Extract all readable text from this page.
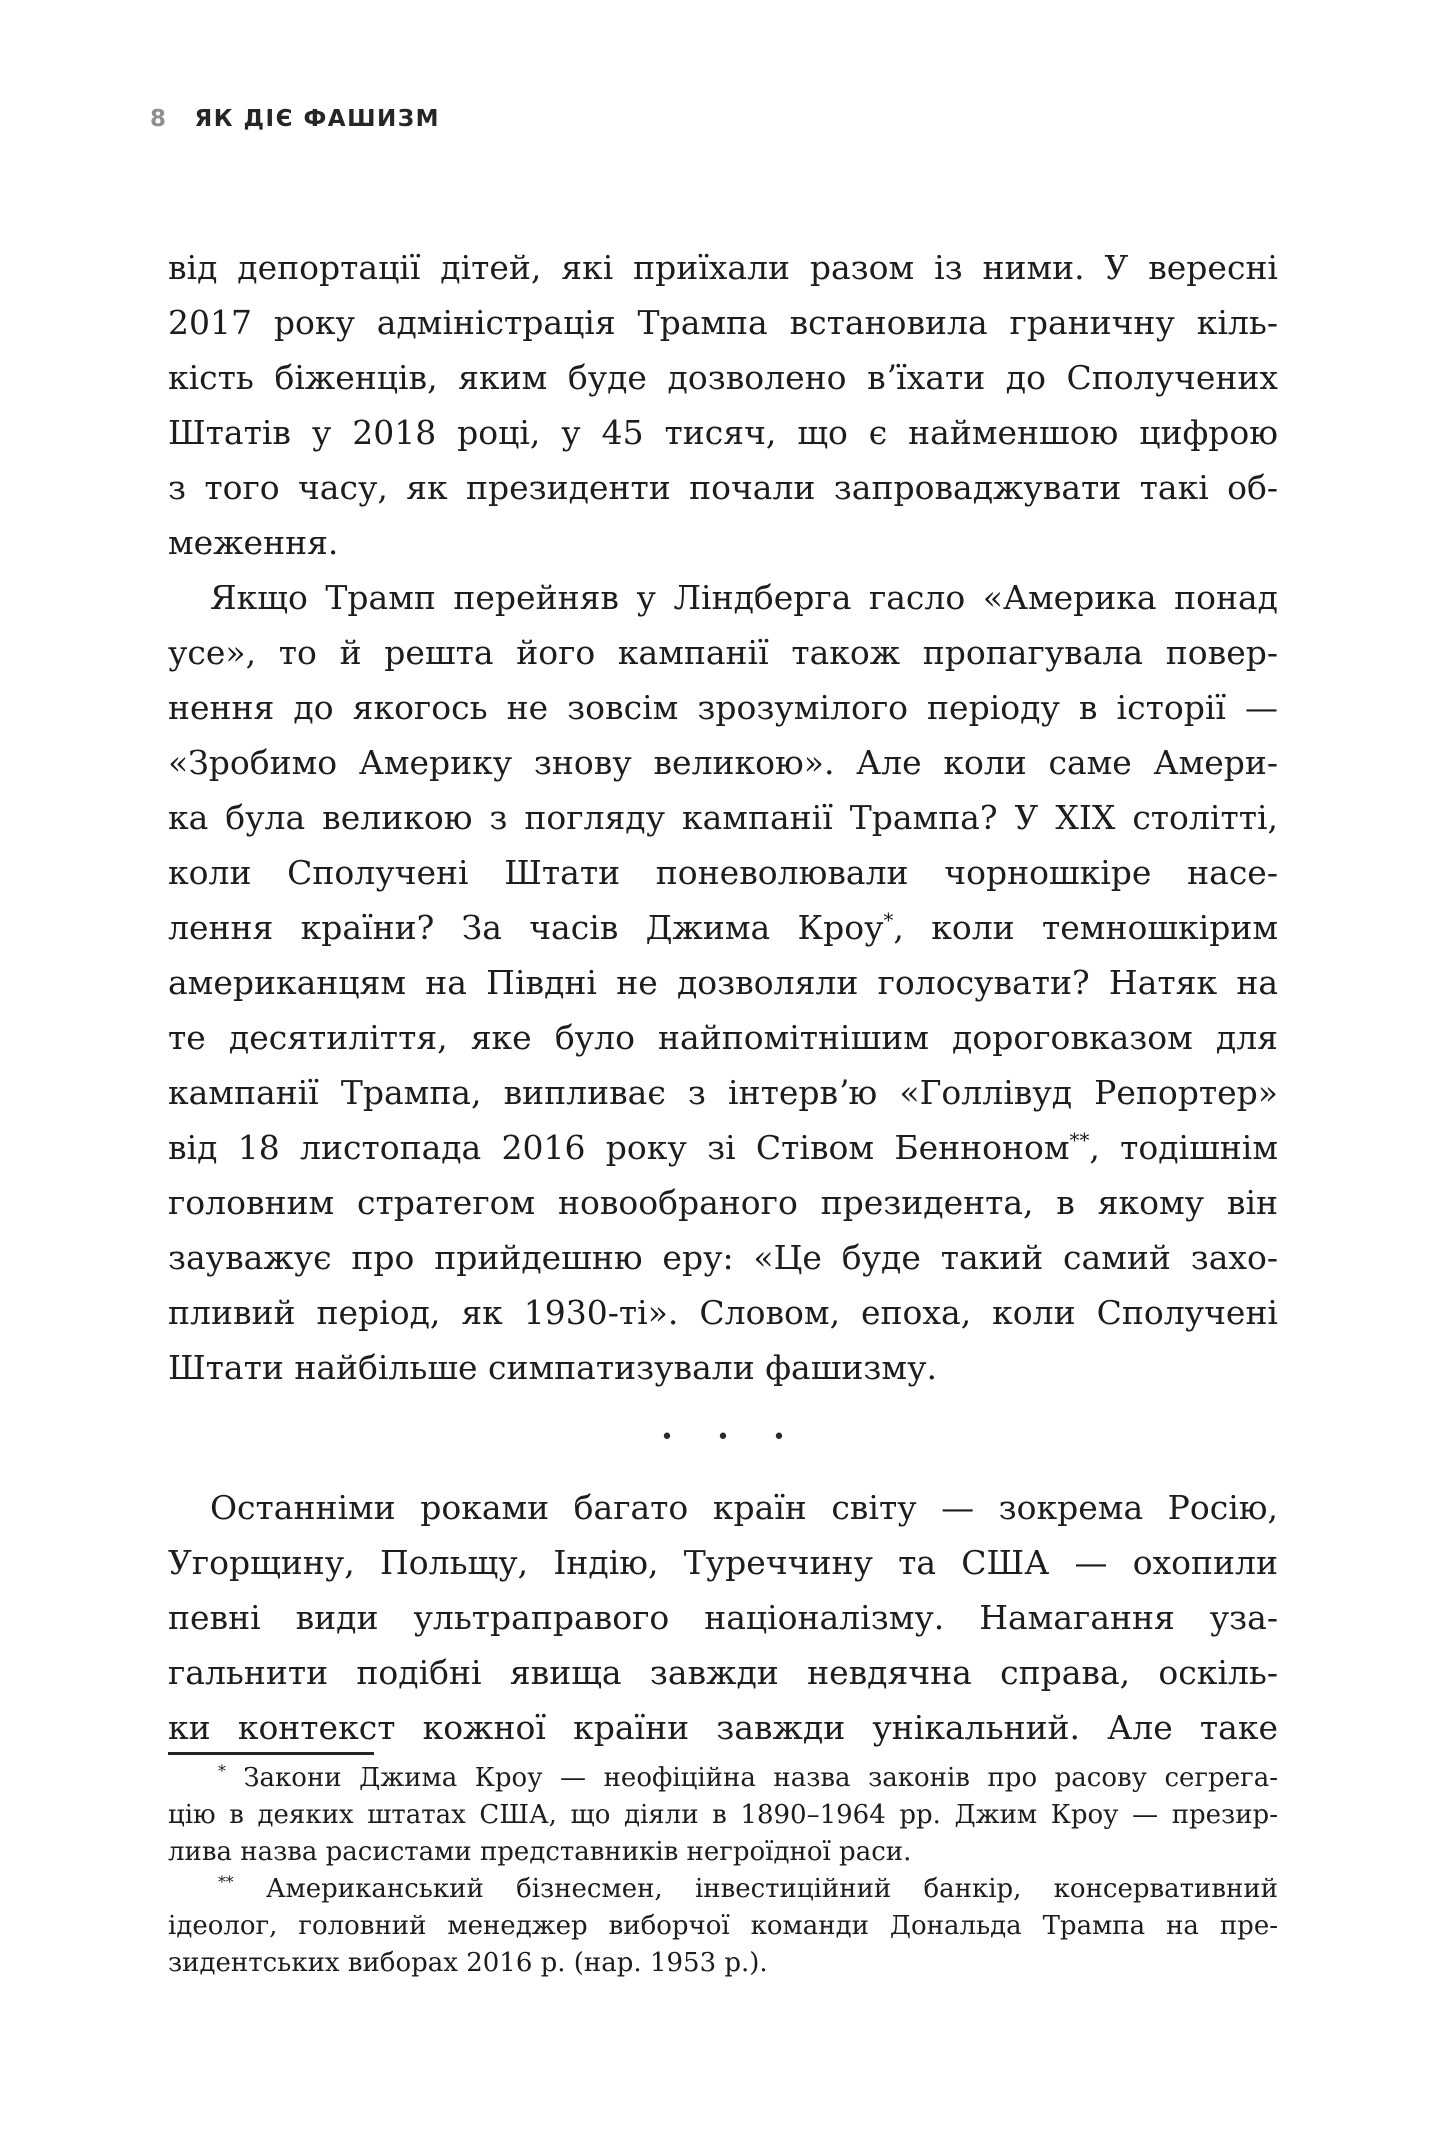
8 ЯК ДІЄ ФАШИЗМ
від депортації дітей, які приїхали разом із ними. У вересні
2017 року адміністрація Трампа встановила граничну кіль-
кість біженців, яким буде дозволено вʼїхати до Сполучених
Штатів у 2018 році, у 45 тисяч, що є найменшою цифрою
з того часу, як президенти почали запроваджувати такі об-
меження.
Якщо Трамп перейняв у Ліндберга гасло «Америка понад
усе», то й решта його кампанії також пропагувала повер-
нення до якогось не зовсім зрозумілого періоду в історії —
«Зробимо Америку знову великою». Але коли саме Амери-
ка була великою з погляду кампанії Трампа? У XIX столітті,
коли Сполучені Штати поневолювали чорношкіре насе-
лення країни? За часів Джима Кроу*, коли темношкірим
американцям на Півдні не дозволяли голосувати? Натяк на
те десятиліття, яке було найпомітнішим дороговказом для
кампанії Трампа, випливає з інтервʼю «Голлівуд Репортер»
від 18 листопада 2016 року зі Стівом Бенноном**, тодішнім
головним стратегом новообраного президента, в якому він
зауважує про прийдешню еру: «Це буде такий самий захо-
пливий період, як 1930-ті». Словом, епоха, коли Сполучені
Штати найбільше симпатизували фашизму.
• • •
Останніми роками багато країн світу — зокрема Росію,
Угорщину, Польщу, Індію, Туреччину та США — охопили
певні види ультраправого націоналізму. Намагання уза-
гальнити подібні явища завжди невдячна справа, оскіль-
ки контекст кожної країни завжди унікальний. Але таке
* Закони Джима Кроу — неофіційна назва законів про расову сегрега-
цію в деяких штатах США, що діяли в 1890–1964 рр. Джим Кроу — презир-
лива назва расистами представників негроїдної раси.
** Американський бізнесмен, інвестиційний банкір, консервативний
ідеолог, головний менеджер виборчої команди Дональда Трампа на пре-
зидентських виборах 2016 р. (нар. 1953 р.).
